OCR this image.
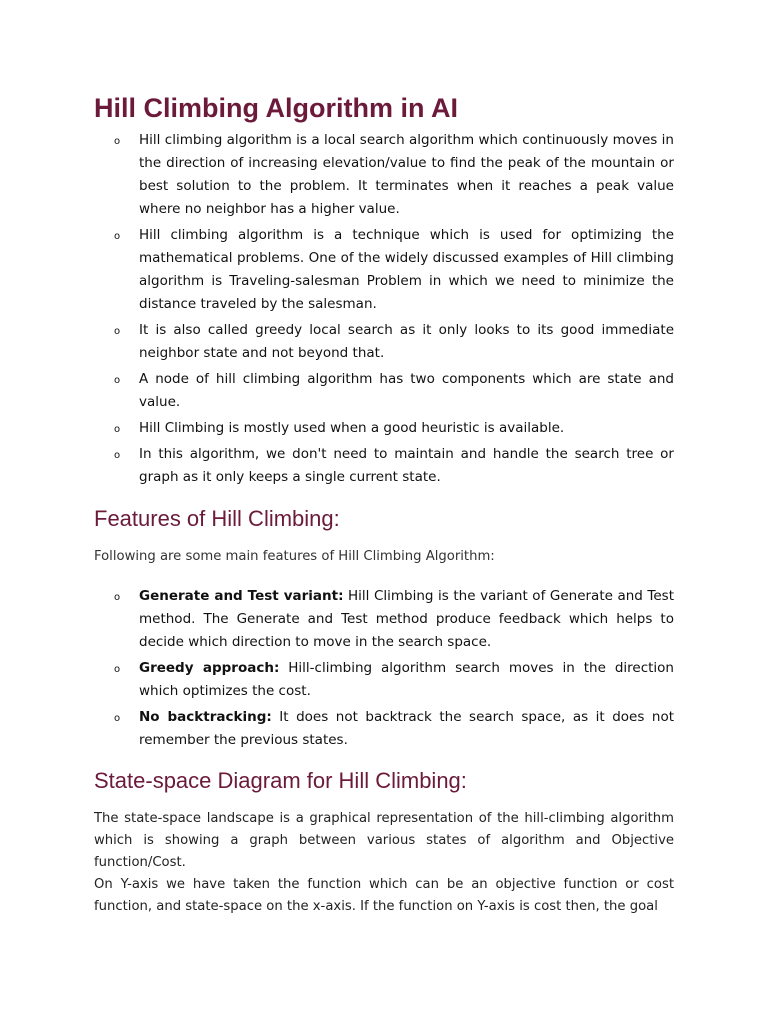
Hill Climbing Algorithm in AI
o Hill climbing algorithm is a local search algorithm which continuously moves in the direction of increasing elevation/value to find the peak of the mountain or best solution to the problem. It terminates when it reaches a peak value where no neighbor has a higher value.
o Hill climbing algorithm is a technique which is used for optimizing the mathematical problems. One of the widely discussed examples of Hill climbing algorithm is Traveling-salesman Problem in which we need to minimize the distance traveled by the salesman.
o It is also called greedy local search as it only looks to its good immediate neighbor state and not beyond that.
o A node of hill climbing algorithm has two components which are state and value.
o Hill Climbing is mostly used when a good heuristic is available.
o In this algorithm, we don't need to maintain and handle the search tree or graph as it only keeps a single current state.
Features of Hill Climbing:

Following are some main features of Hill Climbing Algorithm:

o Generate and Test variant: Hill Climbing is the variant of Generate and Test method. The Generate and Test method produce feedback which helps to decide which direction to move in the search space.
o Greedy approach: Hill-climbing algorithm search moves in the direction which optimizes the cost.
o No backtracking: It does not backtrack the search space, as it does not remember the previous states.
State-space Diagram for Hill Climbing:

The state-space landscape is a graphical representation of the hill-climbing algorithm which is showing a graph between various states of algorithm and Objective function/Cost.

On Y-axis we have taken the function which can be an objective function or cost function, and state-space on the x-axis. If the function on Y-axis is cost then, the goal
